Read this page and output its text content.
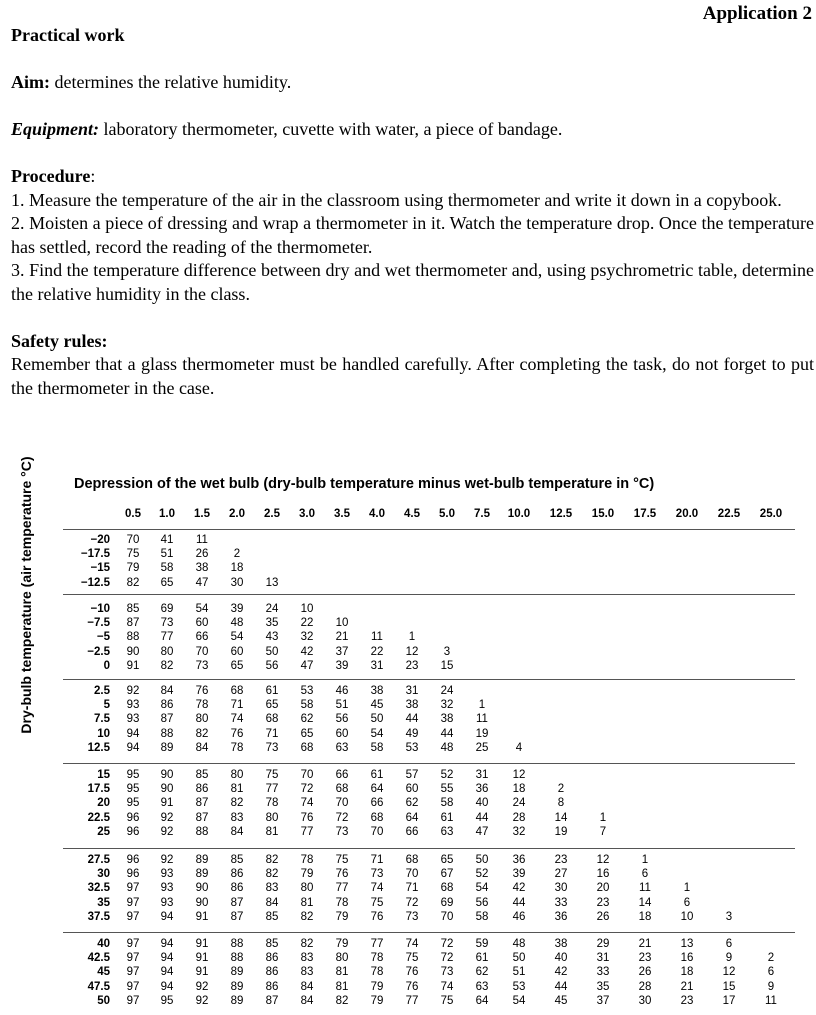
Application 2

Practical work

Aim: determines the relative humidity.

Equipment: laboratory thermometer, cuvette with water, a piece of bandage.

Procedure:

1. Measure the temperature of the air in the classroom using thermometer and write it down in a copybook.

2. Moisten a piece of dressing and wrap a thermometer in it. Watch the temperature drop. Once the temperature has settled, record the reading of the thermometer.

3. Find the temperature difference between dry and wet thermometer and, using psychrometric table, determine the relative humidity in the class.

Safety rules:

Remember that a glass thermometer must be handled carefully. After completing the task, do not forget to put the thermometer in the case.

Depression of the wet bulb (dry-bulb temperature minus wet-bulb temperature in °C)
0.5	1.0	1.5	2.0	2.5	3.0	3.5	4.0	4.5	5.0	7.5	10.0	12.5	15.0	17.5	20.0	22.5	25.0
−20	70	41	11
−17.5	75	51	26	2
−15	79	58	38	18
−12.5	82	65	47	30	13
−10	85	69	54	39	24	10
−7.5	87	73	60	48	35	22	10
−5	88	77	66	54	43	32	21	11	1
−2.5	90	80	70	60	50	42	37	22	12	3
0	91	82	73	65	56	47	39	31	23	15
2.5	92	84	76	68	61	53	46	38	31	24
5	93	86	78	71	65	58	51	45	38	32	1
7.5	93	87	80	74	68	62	56	50	44	38	11
10	94	88	82	76	71	65	60	54	49	44	19
12.5	94	89	84	78	73	68	63	58	53	48	25	4
15	95	90	85	80	75	70	66	61	57	52	31	12
17.5	95	90	86	81	77	72	68	64	60	55	36	18	2
20	95	91	87	82	78	74	70	66	62	58	40	24	8
22.5	96	92	87	83	80	76	72	68	64	61	44	28	14	1
25	96	92	88	84	81	77	73	70	66	63	47	32	19	7
27.5	96	92	89	85	82	78	75	71	68	65	50	36	23	12	1
30	96	93	89	86	82	79	76	73	70	67	52	39	27	16	6
32.5	97	93	90	86	83	80	77	74	71	68	54	42	30	20	11	1
35	97	93	90	87	84	81	78	75	72	69	56	44	33	23	14	6
37.5	97	94	91	87	85	82	79	76	73	70	58	46	36	26	18	10	3
40	97	94	91	88	85	82	79	77	74	72	59	48	38	29	21	13	6
42.5	97	94	91	88	86	83	80	78	75	72	61	50	40	31	23	16	9	2
45	97	94	91	89	86	83	81	78	76	73	62	51	42	33	26	18	12	6
47.5	97	94	92	89	86	84	81	79	76	74	63	53	44	35	28	21	15	9
50	97	95	92	89	87	84	82	79	77	75	64	54	45	37	30	23	17	11
Dry-bulb temperature (air temperature °C)
